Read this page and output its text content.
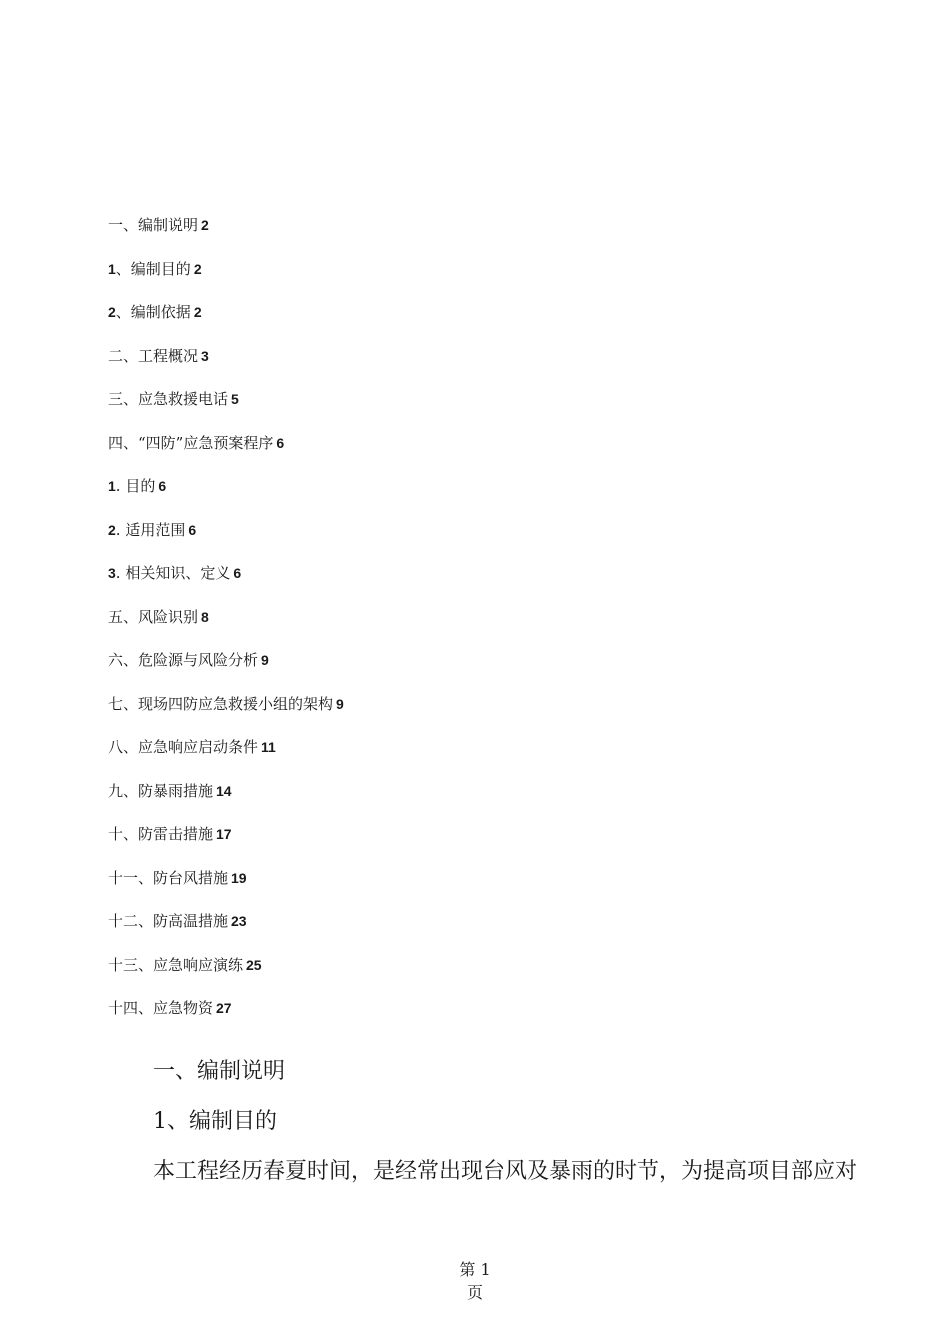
一、编制说明 2
1、编制目的 2
2、编制依据 2
二、工程概况 3
三、应急救援电话 5
四、“四防”应急预案程序 6
1. 目的 6
2. 适用范围 6
3. 相关知识、定义 6
五、风险识别 8
六、危险源与风险分析 9
七、现场四防应急救援小组的架构 9
八、应急响应启动条件 11
九、防暴雨措施 14
十、防雷击措施 17
十一、防台风措施 19
十二、防高温措施 23
十三、应急响应演练 25
十四、应急物资 27
一、编制说明
1、编制目的

本工程经历春夏时间，是经常出现台风及暴雨的时节，为提高项目部应对

第 1
页
